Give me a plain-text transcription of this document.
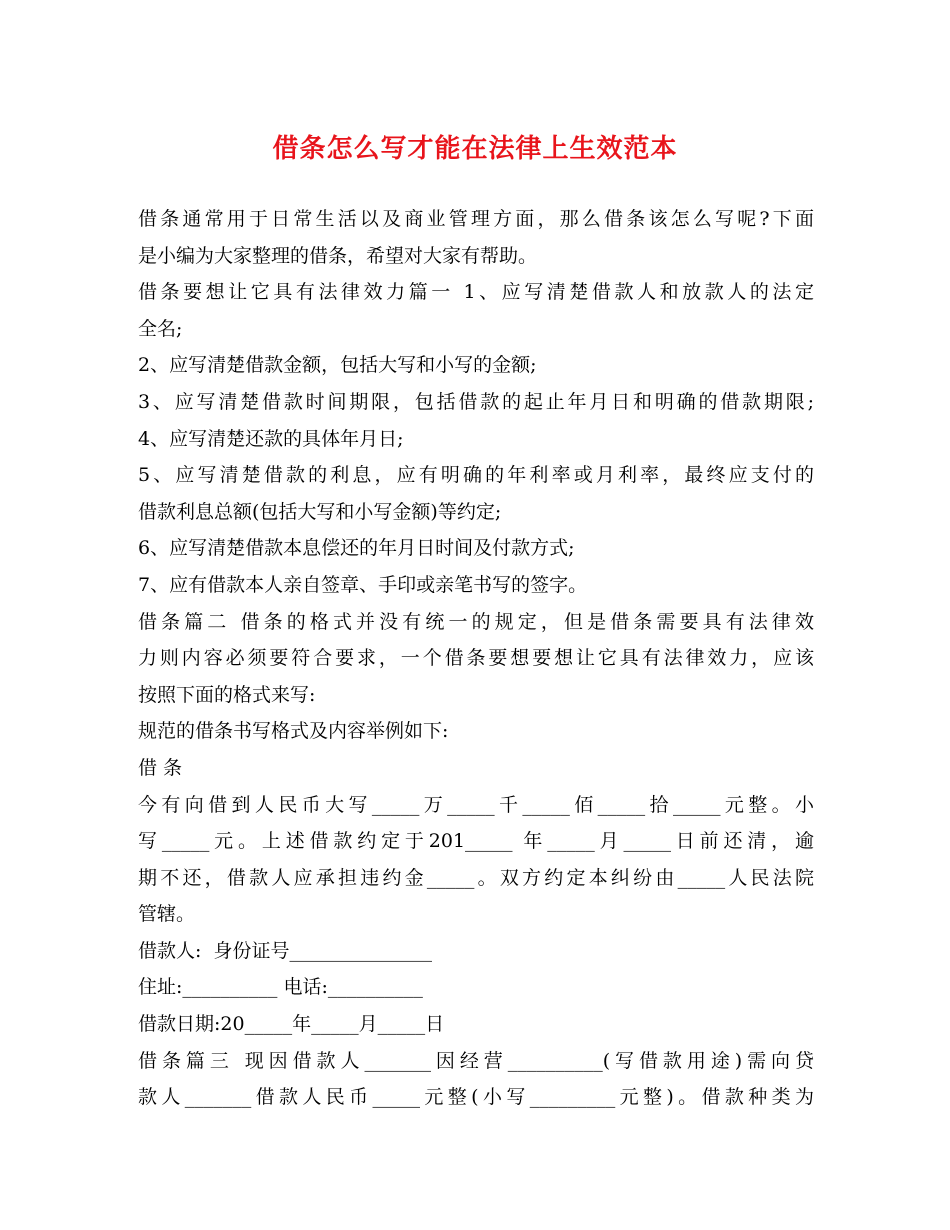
借条怎么写才能在法律上生效范本
借条通常用于日常生活以及商业管理方面，那么借条该怎么写呢?下面
是小编为大家整理的借条，希望对大家有帮助。
借条要想让它具有法律效力篇一 1、应写清楚借款人和放款人的法定
全名;
2、应写清楚借款金额，包括大写和小写的金额;
3、应写清楚借款时间期限，包括借款的起止年月日和明确的借款期限;
4、应写清楚还款的具体年月日;
5、应写清楚借款的利息，应有明确的年利率或月利率，最终应支付的
借款利息总额(包括大写和小写金额)等约定;
6、应写清楚借款本息偿还的年月日时间及付款方式;
7、应有借款本人亲自签章、手印或亲笔书写的签字。
借条篇二 借条的格式并没有统一的规定，但是借条需要具有法律效
力则内容必须要符合要求，一个借条要想要想让它具有法律效力，应该
按照下面的格式来写:
规范的借条书写格式及内容举例如下:
借 条
今有向借到人民币大写_____万_____千_____佰_____拾_____元整。小
写_____元。上述借款约定于201_____ 年_____月_____日前还清，逾
期不还，借款人应承担违约金_____。双方约定本纠纷由_____人民法院
管辖。
借款人:  身份证号_______________
住址:__________ 电话:__________
借款日期:20_____年_____月_____日
借条篇三 现因借款人_______因经营__________(写借款用途)需向贷
款人_______借款人民币_____元整(小写_________元整)。借款种类为
